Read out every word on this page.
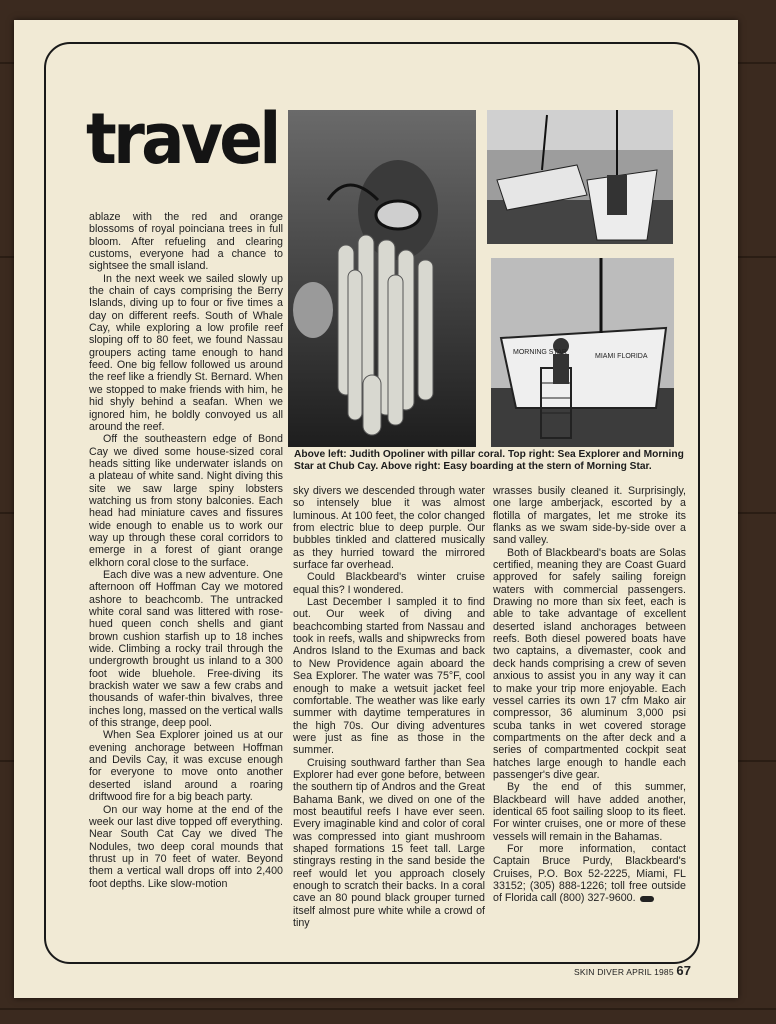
travel
MORNING STAR
MIAMI FLORIDA
Above left: Judith Opoliner with pillar coral. Top right: Sea Explorer and Morning Star at Chub Cay. Above right: Easy boarding at the stern of Morning Star.

ablaze with the red and orange blossoms of royal poinciana trees in full bloom. After refueling and clearing customs, everyone had a chance to sightsee the small island.

In the next week we sailed slowly up the chain of cays comprising the Berry Islands, diving up to four or five times a day on different reefs. South of Whale Cay, while exploring a low profile reef sloping off to 80 feet, we found Nassau groupers acting tame enough to hand feed. One big fellow followed us around the reef like a friendly St. Bernard. When we stopped to make friends with him, he hid shyly behind a seafan. When we ignored him, he boldly convoyed us all around the reef.

Off the southeastern edge of Bond Cay we dived some house-sized coral heads sitting like underwater islands on a plateau of white sand. Night diving this site we saw large spiny lobsters watching us from stony balconies. Each head had miniature caves and fissures wide enough to enable us to work our way up through these coral corridors to emerge in a forest of giant orange elkhorn coral close to the surface.

Each dive was a new adventure. One afternoon off Hoffman Cay we motored ashore to beachcomb. The untracked white coral sand was littered with rose-hued queen conch shells and giant brown cushion starfish up to 18 inches wide. Climbing a rocky trail through the undergrowth brought us inland to a 300 foot wide bluehole. Free-diving its brackish water we saw a few crabs and thousands of wafer-thin bivalves, three inches long, massed on the vertical walls of this strange, deep pool.

When Sea Explorer joined us at our evening anchorage between Hoffman and Devils Cay, it was excuse enough for everyone to move onto another deserted island around a roaring driftwood fire for a big beach party.

On our way home at the end of the week our last dive topped off everything. Near South Cat Cay we dived The Nodules, two deep coral mounds that thrust up in 70 feet of water. Beyond them a vertical wall drops off into 2,400 foot depths. Like slow-motion

sky divers we descended through water so intensely blue it was almost luminous. At 100 feet, the color changed from electric blue to deep purple. Our bubbles tinkled and clattered musically as they hurried toward the mirrored surface far overhead.

Could Blackbeard's winter cruise equal this? I wondered.

Last December I sampled it to find out. Our week of diving and beachcombing started from Nassau and took in reefs, walls and shipwrecks from Andros Island to the Exumas and back to New Providence again aboard the Sea Explorer. The water was 75°F, cool enough to make a wetsuit jacket feel comfortable. The weather was like early summer with daytime temperatures in the high 70s. Our diving adventures were just as fine as those in the summer.

Cruising southward farther than Sea Explorer had ever gone before, between the southern tip of Andros and the Great Bahama Bank, we dived on one of the most beautiful reefs I have ever seen. Every imaginable kind and color of coral was compressed into giant mushroom shaped formations 15 feet tall. Large stingrays resting in the sand beside the reef would let you approach closely enough to scratch their backs. In a coral cave an 80 pound black grouper turned itself almost pure white while a crowd of tiny

wrasses busily cleaned it. Surprisingly, one large amberjack, escorted by a flotilla of margates, let me stroke its flanks as we swam side-by-side over a sand valley.

Both of Blackbeard's boats are Solas certified, meaning they are Coast Guard approved for safely sailing foreign waters with commercial passengers. Drawing no more than six feet, each is able to take advantage of excellent deserted island anchorages between reefs. Both diesel powered boats have two captains, a divemaster, cook and deck hands comprising a crew of seven anxious to assist you in any way it can to make your trip more enjoyable. Each vessel carries its own 17 cfm Mako air compressor, 36 aluminum 3,000 psi scuba tanks in wet covered storage compartments on the after deck and a series of compartmented cockpit seat hatches large enough to handle each passenger's dive gear.

By the end of this summer, Blackbeard will have added another, identical 65 foot sailing sloop to its fleet. For winter cruises, one or more of these vessels will remain in the Bahamas.

For more information, contact Captain Bruce Purdy, Blackbeard's Cruises, P.O. Box 52-2225, Miami, FL 33152; (305) 888-1226; toll free outside of Florida call (800) 327-9600.

SKIN DIVER APRIL 1985 67
